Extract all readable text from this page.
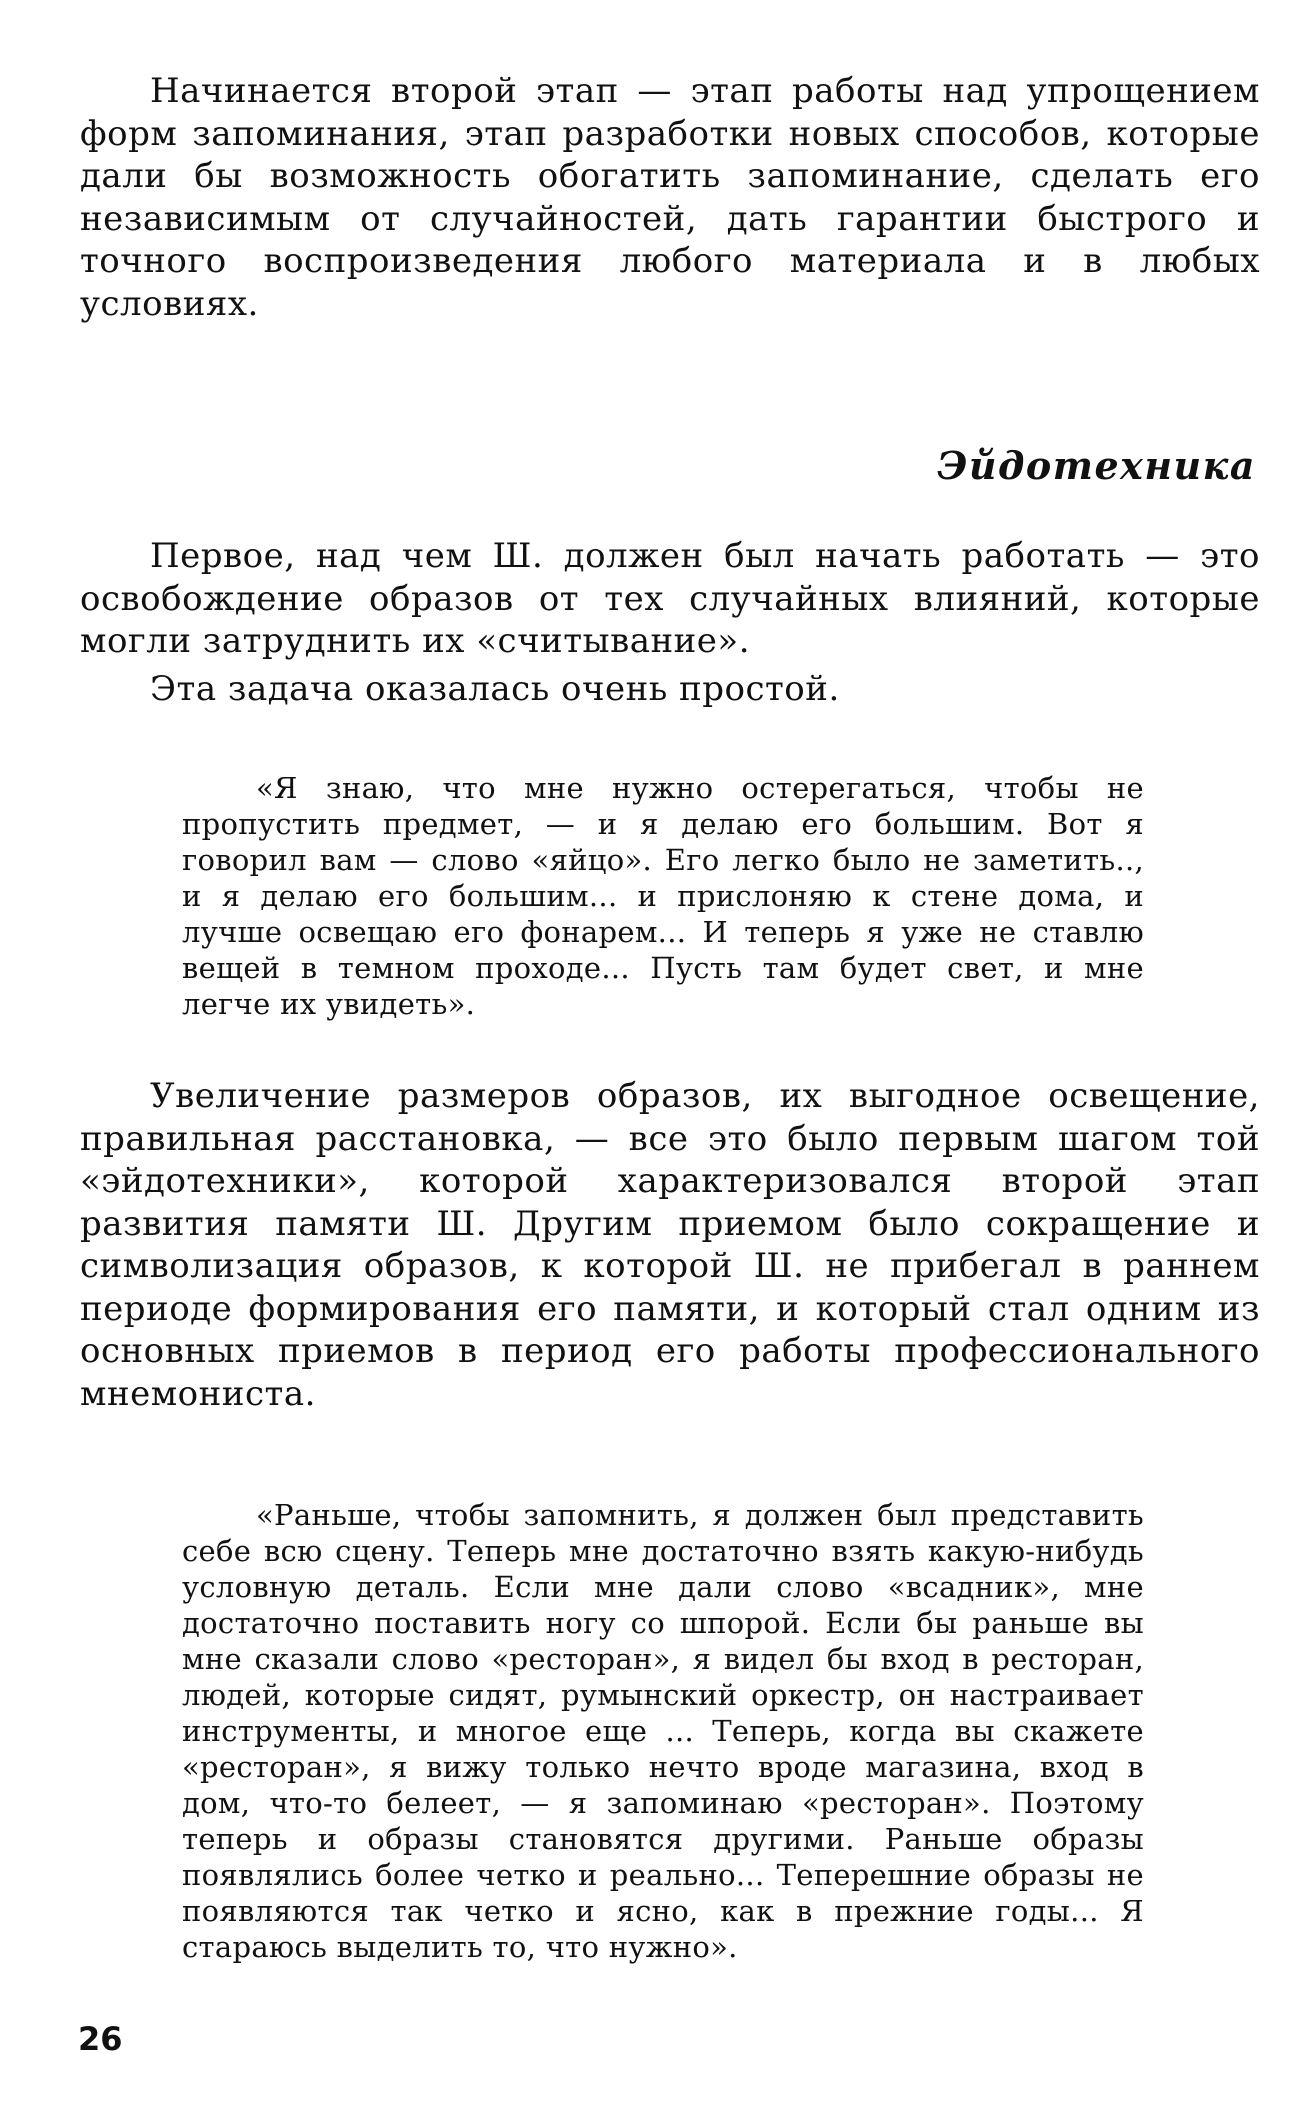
Начинается второй этап — этап работы над упрощением форм запоминания, этап разработки новых способов, которые дали бы возможность обогатить запоминание, сделать его независимым от случайностей, дать гарантии быстрого и точного воспроизведения любого материала и в любых условиях.

Эйдотехника

Первое, над чем Ш. должен был начать работать — это освобождение образов от тех случайных влияний, которые могли затруднить их «считывание».

Эта задача оказалась очень простой.

«Я знаю, что мне нужно остерегаться, чтобы не пропустить предмет, — и я делаю его большим. Вот я говорил вам — слово «яйцо». Его легко было не заметить.., и я делаю его большим... и прислоняю к стене дома, и лучше освещаю его фонарем... И теперь я уже не ставлю вещей в темном проходе... Пусть там будет свет, и мне легче их увидеть».

Увеличение размеров образов, их выгодное освещение, правильная расстановка, — все это было первым шагом той «эйдотехники», которой характеризовался второй этап развития памяти Ш. Другим приемом было сокращение и символизация образов, к которой Ш. не прибегал в раннем периоде формирования его памяти, и который стал одним из основных приемов в период его работы профессионального мнемониста.

«Раньше, чтобы запомнить, я должен был представить себе всю сцену. Теперь мне достаточно взять какую-нибудь условную деталь. Если мне дали слово «всадник», мне достаточно поставить ногу со шпорой. Если бы раньше вы мне сказали слово «ресторан», я видел бы вход в ресторан, людей, которые сидят, румынский оркестр, он настраивает инструменты, и многое еще ... Теперь, когда вы скажете «ресторан», я вижу только нечто вроде магазина, вход в дом, что-то белеет, — я запоминаю «ресторан». Поэтому теперь и образы становятся другими. Раньше образы появлялись более четко и реально... Теперешние образы не появляются так четко и ясно, как в прежние годы... Я стараюсь выделить то, что нужно».

26
